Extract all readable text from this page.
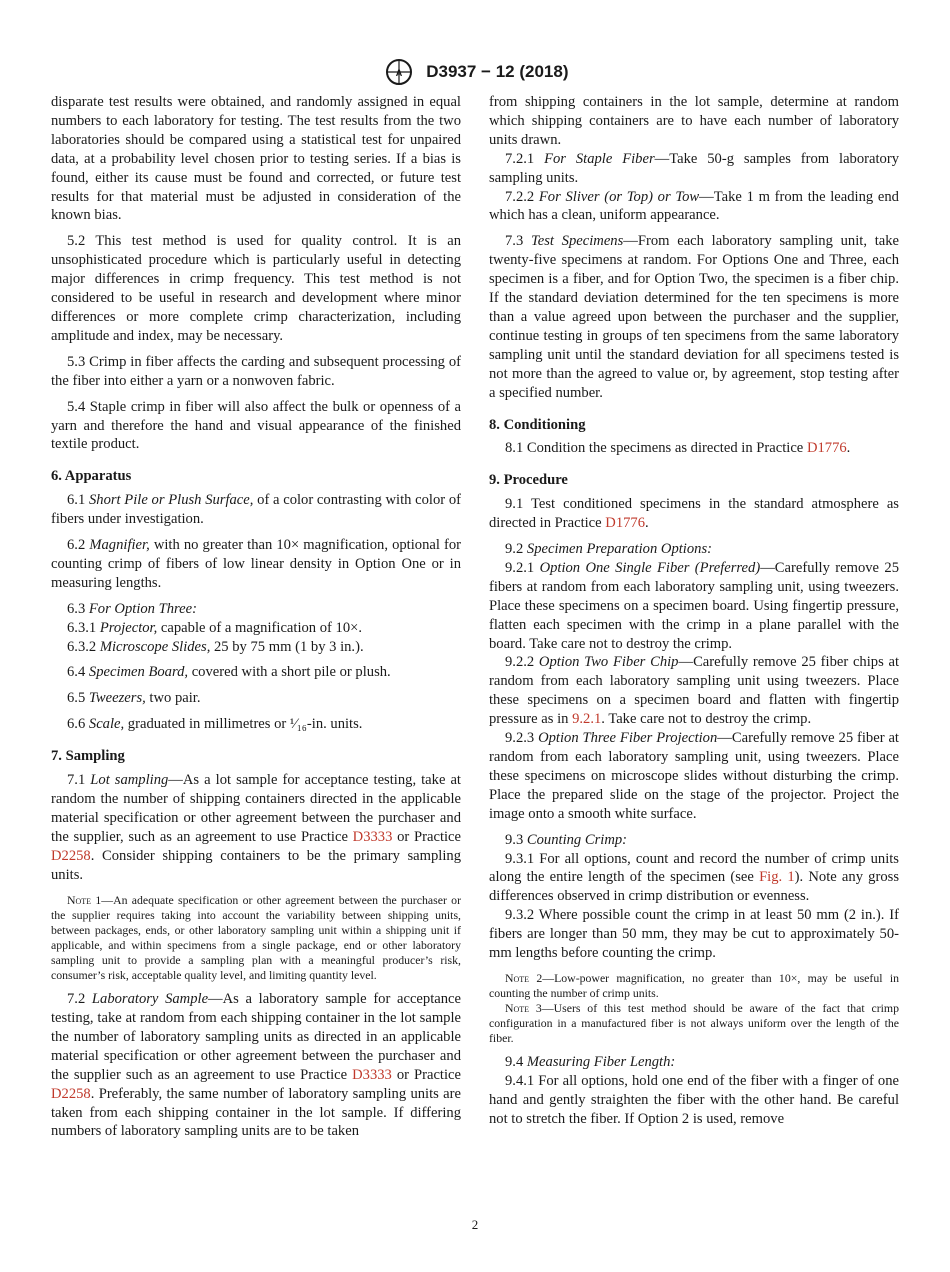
A D3937 − 12 (2018)

disparate test results were obtained, and randomly assigned in equal numbers to each laboratory for testing. The test results from the two laboratories should be compared using a statistical test for unpaired data, at a probability level chosen prior to testing series. If a bias is found, either its cause must be found and corrected, or future test results for that material must be adjusted in consideration of the known bias.

5.2 This test method is used for quality control. It is an unsophisticated procedure which is particularly useful in detecting major differences in crimp frequency. This test method is not considered to be useful in research and development where minor differences or more complete crimp characterization, including amplitude and index, may be necessary.

5.3 Crimp in fiber affects the carding and subsequent processing of the fiber into either a yarn or a nonwoven fabric.

5.4 Staple crimp in fiber will also affect the bulk or openness of a yarn and therefore the hand and visual appearance of the finished textile product.

6. Apparatus

6.1 Short Pile or Plush Surface, of a color contrasting with color of fibers under investigation.

6.2 Magnifier, with no greater than 10× magnification, optional for counting crimp of fibers of low linear density in Option One or in measuring lengths.

6.3 For Option Three:

6.3.1 Projector, capable of a magnification of 10×.

6.3.2 Microscope Slides, 25 by 75 mm (1 by 3 in.).

6.4 Specimen Board, covered with a short pile or plush.

6.5 Tweezers, two pair.

6.6 Scale, graduated in millimetres or ¹⁄₁₆-in. units.

7. Sampling

7.1 Lot sampling—As a lot sample for acceptance testing, take at random the number of shipping containers directed in the applicable material specification or other agreement between the purchaser and the supplier, such as an agreement to use Practice D3333 or Practice D2258. Consider shipping containers to be the primary sampling units.

Note 1—An adequate specification or other agreement between the purchaser or the supplier requires taking into account the variability between shipping units, between packages, ends, or other laboratory sampling unit within a shipping unit if applicable, and within specimens from a single package, end or other laboratory sampling unit to provide a sampling plan with a meaningful producer’s risk, consumer’s risk, acceptable quality level, and limiting quantity level.

7.2 Laboratory Sample—As a laboratory sample for acceptance testing, take at random from each shipping container in the lot sample the number of laboratory sampling units as directed in an applicable material specification or other agreement between the purchaser and the supplier such as an agreement to use Practice D3333 or Practice D2258. Preferably, the same number of laboratory sampling units are taken from each shipping container in the lot sample. If differing numbers of laboratory sampling units are to be taken

from shipping containers in the lot sample, determine at random which shipping containers are to have each number of laboratory units drawn.

7.2.1 For Staple Fiber—Take 50-g samples from laboratory sampling units.

7.2.2 For Sliver (or Top) or Tow—Take 1 m from the leading end which has a clean, uniform appearance.

7.3 Test Specimens—From each laboratory sampling unit, take twenty-five specimens at random. For Options One and Three, each specimen is a fiber, and for Option Two, the specimen is a fiber chip. If the standard deviation determined for the ten specimens is more than a value agreed upon between the purchaser and the supplier, continue testing in groups of ten specimens from the same laboratory sampling unit until the standard deviation for all specimens tested is not more than the agreed to value or, by agreement, stop testing after a specified number.

8. Conditioning

8.1 Condition the specimens as directed in Practice D1776.

9. Procedure

9.1 Test conditioned specimens in the standard atmosphere as directed in Practice D1776.

9.2 Specimen Preparation Options:

9.2.1 Option One Single Fiber (Preferred)—Carefully remove 25 fibers at random from each laboratory sampling unit, using tweezers. Place these specimens on a specimen board. Using fingertip pressure, flatten each specimen with the crimp in a plane parallel with the board. Take care not to destroy the crimp.

9.2.2 Option Two Fiber Chip—Carefully remove 25 fiber chips at random from each laboratory sampling unit using tweezers. Place these specimens on a specimen board and flatten with fingertip pressure as in 9.2.1. Take care not to destroy the crimp.

9.2.3 Option Three Fiber Projection—Carefully remove 25 fiber at random from each laboratory sampling unit, using tweezers. Place these specimens on microscope slides without disturbing the crimp. Place the prepared slide on the stage of the projector. Project the image onto a smooth white surface.

9.3 Counting Crimp:

9.3.1 For all options, count and record the number of crimp units along the entire length of the specimen (see Fig. 1). Note any gross differences observed in crimp distribution or evenness.

9.3.2 Where possible count the crimp in at least 50 mm (2 in.). If fibers are longer than 50 mm, they may be cut to approximately 50-mm lengths before counting the crimp.

Note 2—Low-power magnification, no greater than 10×, may be useful in counting the number of crimp units.

Note 3—Users of this test method should be aware of the fact that crimp configuration in a manufactured fiber is not always uniform over the length of the fiber.

9.4 Measuring Fiber Length:

9.4.1 For all options, hold one end of the fiber with a finger of one hand and gently straighten the fiber with the other hand. Be careful not to stretch the fiber. If Option 2 is used, remove

2
